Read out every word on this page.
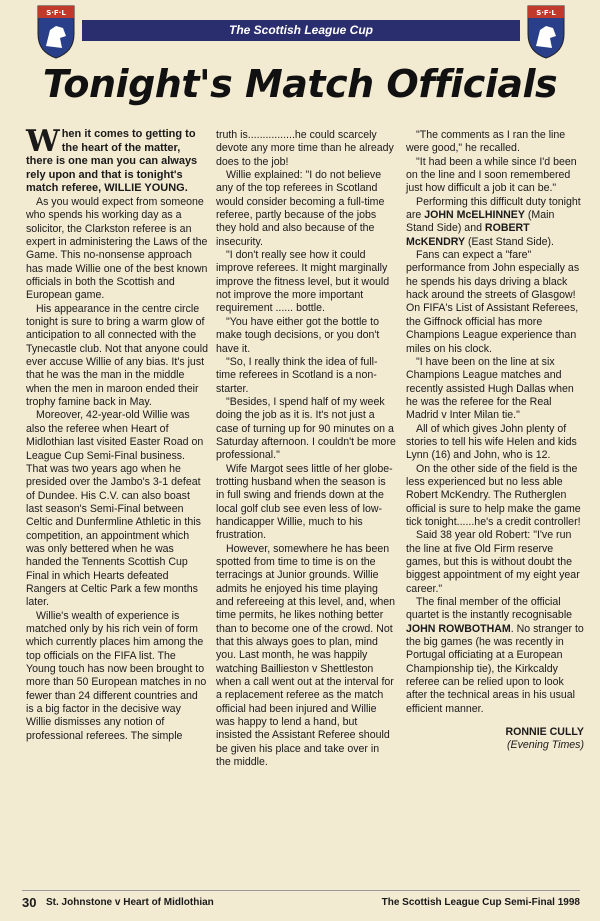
S·F·L
The Scottish League Cup
S·F·L
Tonight's Match Officials

When it comes to getting to the heart of the matter, there is one man you can always rely upon and that is tonight's match referee, WILLIE YOUNG.

As you would expect from someone who spends his working day as a solicitor, the Clarkston referee is an expert in administering the Laws of the Game. This no-nonsense approach has made Willie one of the best known officials in both the Scottish and European game.

His appearance in the centre circle tonight is sure to bring a warm glow of anticipation to all connected with the Tynecastle club. Not that anyone could ever accuse Willie of any bias. It's just that he was the man in the middle when the men in maroon ended their trophy famine back in May.

Moreover, 42-year-old Willie was also the referee when Heart of Midlothian last visited Easter Road on League Cup Semi-Final business. That was two years ago when he presided over the Jambo's 3-1 defeat of Dundee. His C.V. can also boast last season's Semi-Final between Celtic and Dunfermline Athletic in this competition, an appointment which was only bettered when he was handed the Tennents Scottish Cup Final in which Hearts defeated Rangers at Celtic Park a few months later.

Willie's wealth of experience is matched only by his rich vein of form which currently places him among the top officials on the FIFA list. The Young touch has now been brought to more than 50 European matches in no fewer than 24 different countries and is a big factor in the decisive way Willie dismisses any notion of professional referees. The simple

truth is................he could scarcely devote any more time than he already does to the job!

Willie explained: "I do not believe any of the top referees in Scotland would consider becoming a full-time referee, partly because of the jobs they hold and also because of the insecurity.

"I don't really see how it could improve referees. It might marginally improve the fitness level, but it would not improve the more important requirement ...... bottle.

"You have either got the bottle to make tough decisions, or you don't have it.

"So, I really think the idea of full-time referees in Scotland is a non-starter.

"Besides, I spend half of my week doing the job as it is. It's not just a case of turning up for 90 minutes on a Saturday afternoon. I couldn't be more professional."

Wife Margot sees little of her globe-trotting husband when the season is in full swing and friends down at the local golf club see even less of low-handicapper Willie, much to his frustration.

However, somewhere he has been spotted from time to time is on the terracings at Junior grounds. Willie admits he enjoyed his time playing and refereeing at this level, and, when time permits, he likes nothing better than to become one of the crowd. Not that this always goes to plan, mind you. Last month, he was happily watching Baillieston v Shettleston when a call went out at the interval for a replacement referee as the match official had been injured and Willie was happy to lend a hand, but insisted the Assistant Referee should be given his place and take over in the middle.

"The comments as I ran the line were good," he recalled.

"It had been a while since I'd been on the line and I soon remembered just how difficult a job it can be."

Performing this difficult duty tonight are JOHN McELHINNEY (Main Stand Side) and ROBERT McKENDRY (East Stand Side).

Fans can expect a "fare" performance from John especially as he spends his days driving a black hack around the streets of Glasgow! On FIFA's List of Assistant Referees, the Giffnock official has more Champions League experience than miles on his clock.

"I have been on the line at six Champions League matches and recently assisted Hugh Dallas when he was the referee for the Real Madrid v Inter Milan tie."

All of which gives John plenty of stories to tell his wife Helen and kids Lynn (16) and John, who is 12.

On the other side of the field is the less experienced but no less able Robert McKendry. The Rutherglen official is sure to help make the game tick tonight......he's a credit controller!

Said 38 year old Robert: "I've run the line at five Old Firm reserve games, but this is without doubt the biggest appointment of my eight year career."

The final member of the official quartet is the instantly recognisable JOHN ROWBOTHAM. No stranger to the big games (he was recently in Portugal officiating at a European Championship tie), the Kirkcaldy referee can be relied upon to look after the technical areas in his usual efficient manner.

RONNIE CULLY

(Evening Times)

30 St. Johnstone v Heart of Midlothian	The Scottish League Cup Semi-Final 1998
